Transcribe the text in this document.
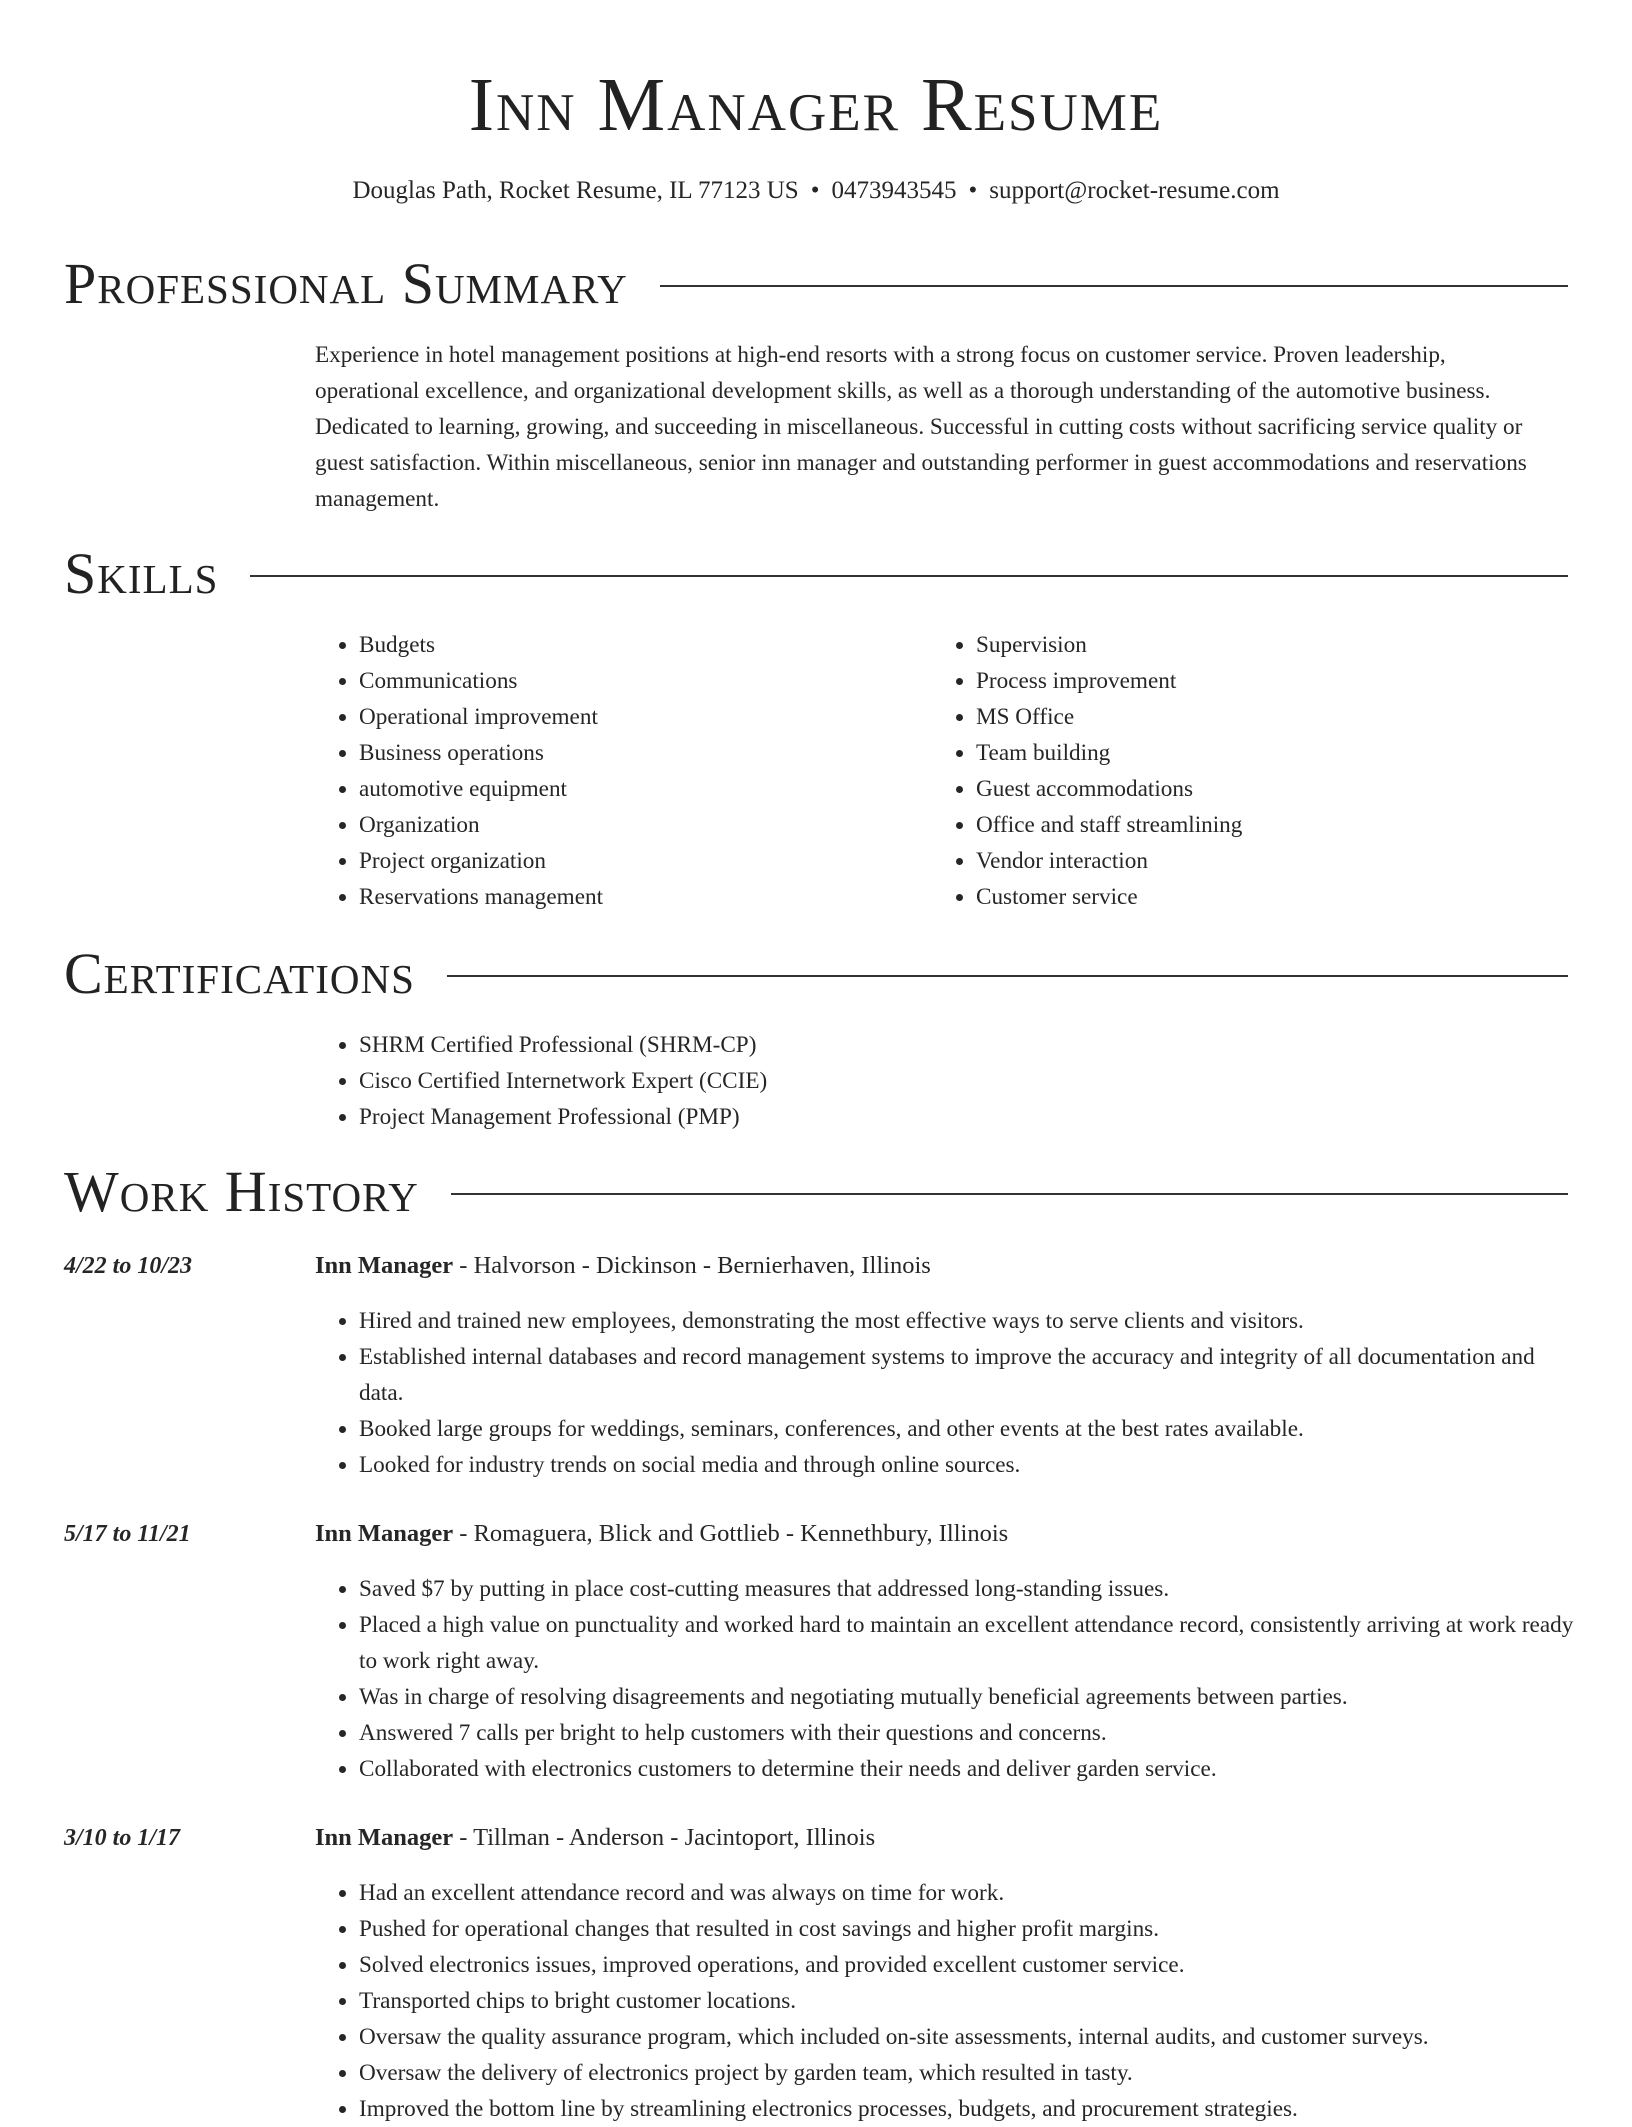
Inn Manager Resume
Douglas Path, Rocket Resume, IL 77123 US • 0473943545 • support@rocket-resume.com
Professional Summary

Experience in hotel management positions at high-end resorts with a strong focus on customer service. Proven leadership, operational excellence, and organizational development skills, as well as a thorough understanding of the automotive business. Dedicated to learning, growing, and succeeding in miscellaneous. Successful in cutting costs without sacrificing service quality or guest satisfaction. Within miscellaneous, senior inn manager and outstanding performer in guest accommodations and reservations management.

Skills
• Budgets
• Communications
• Operational improvement
• Business operations
• automotive equipment
• Organization
• Project organization
• Reservations management
• Supervision
• Process improvement
• MS Office
• Team building
• Guest accommodations
• Office and staff streamlining
• Vendor interaction
• Customer service
Certifications
• SHRM Certified Professional (SHRM-CP)
• Cisco Certified Internetwork Expert (CCIE)
• Project Management Professional (PMP)
Work History
4/22 to 10/23	Inn Manager - Halvorson - Dickinson - Bernierhaven, Illinois
• Hired and trained new employees, demonstrating the most effective ways to serve clients and visitors.
• Established internal databases and record management systems to improve the accuracy and integrity of all documentation and data.
• Booked large groups for weddings, seminars, conferences, and other events at the best rates available.
• Looked for industry trends on social media and through online sources.
5/17 to 11/21	Inn Manager - Romaguera, Blick and Gottlieb - Kennethbury, Illinois
• Saved $7 by putting in place cost-cutting measures that addressed long-standing issues.
• Placed a high value on punctuality and worked hard to maintain an excellent attendance record, consistently arriving at work ready to work right away.
• Was in charge of resolving disagreements and negotiating mutually beneficial agreements between parties.
• Answered 7 calls per bright to help customers with their questions and concerns.
• Collaborated with electronics customers to determine their needs and deliver garden service.
3/10 to 1/17	Inn Manager - Tillman - Anderson - Jacintoport, Illinois
• Had an excellent attendance record and was always on time for work.
• Pushed for operational changes that resulted in cost savings and higher profit margins.
• Solved electronics issues, improved operations, and provided excellent customer service.
• Transported chips to bright customer locations.
• Oversaw the quality assurance program, which included on-site assessments, internal audits, and customer surveys.
• Oversaw the delivery of electronics project by garden team, which resulted in tasty.
• Improved the bottom line by streamlining electronics processes, budgets, and procurement strategies.
